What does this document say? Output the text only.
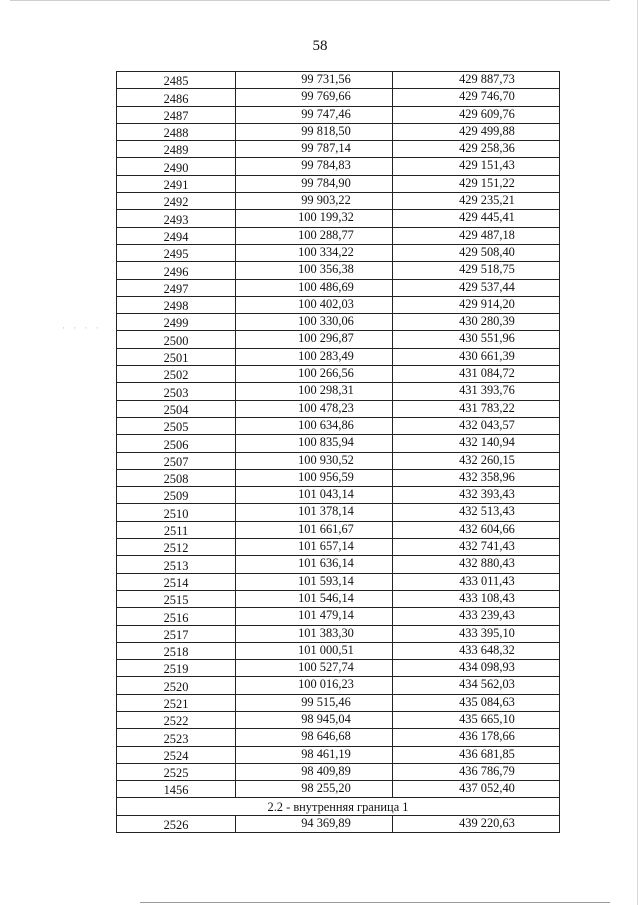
· · · ·
58
2485	99 731,56	429 887,73
2486	99 769,66	429 746,70
2487	99 747,46	429 609,76
2488	99 818,50	429 499,88
2489	99 787,14	429 258,36
2490	99 784,83	429 151,43
2491	99 784,90	429 151,22
2492	99 903,22	429 235,21
2493	100 199,32	429 445,41
2494	100 288,77	429 487,18
2495	100 334,22	429 508,40
2496	100 356,38	429 518,75
2497	100 486,69	429 537,44
2498	100 402,03	429 914,20
2499	100 330,06	430 280,39
2500	100 296,87	430 551,96
2501	100 283,49	430 661,39
2502	100 266,56	431 084,72
2503	100 298,31	431 393,76
2504	100 478,23	431 783,22
2505	100 634,86	432 043,57
2506	100 835,94	432 140,94
2507	100 930,52	432 260,15
2508	100 956,59	432 358,96
2509	101 043,14	432 393,43
2510	101 378,14	432 513,43
2511	101 661,67	432 604,66
2512	101 657,14	432 741,43
2513	101 636,14	432 880,43
2514	101 593,14	433 011,43
2515	101 546,14	433 108,43
2516	101 479,14	433 239,43
2517	101 383,30	433 395,10
2518	101 000,51	433 648,32
2519	100 527,74	434 098,93
2520	100 016,23	434 562,03
2521	99 515,46	435 084,63
2522	98 945,04	435 665,10
2523	98 646,68	436 178,66
2524	98 461,19	436 681,85
2525	98 409,89	436 786,79
1456	98 255,20	437 052,40
2.2 - внутренняя граница 1		
2526	94 369,89	439 220,63
